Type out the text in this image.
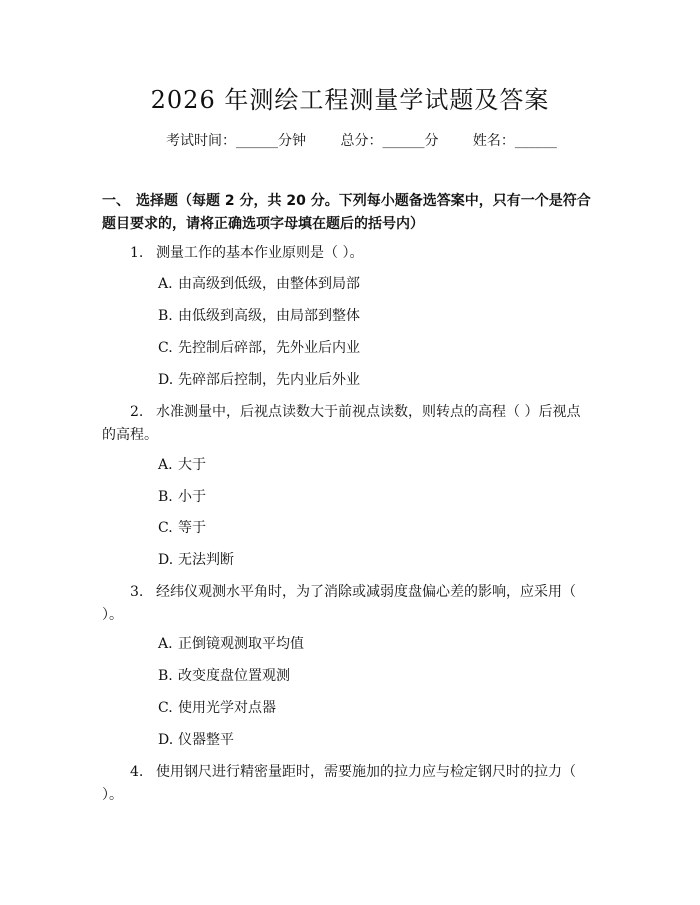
2026 年测绘工程测量学试题及答案
考试时间：______分钟 总分：______分 姓名：______
一、 选择题（每题 2 分，共 20 分。下列每小题备选答案中，只有一个是符合题目要求的，请将正确选项字母填在题后的括号内）
1. 测量工作的基本作业原则是（ ）。
A. 由高级到低级，由整体到局部
B. 由低级到高级，由局部到整体
C. 先控制后碎部，先外业后内业
D. 先碎部后控制，先内业后外业
2. 水准测量中，后视点读数大于前视点读数，则转点的高程（ ）后视点的高程。
A. 大于
B. 小于
C. 等于
D. 无法判断
3. 经纬仪观测水平角时，为了消除或减弱度盘偏心差的影响，应采用（ ）。
A. 正倒镜观测取平均值
B. 改变度盘位置观测
C. 使用光学对点器
D. 仪器整平
4. 使用钢尺进行精密量距时，需要施加的拉力应与检定钢尺时的拉力（ ）。
